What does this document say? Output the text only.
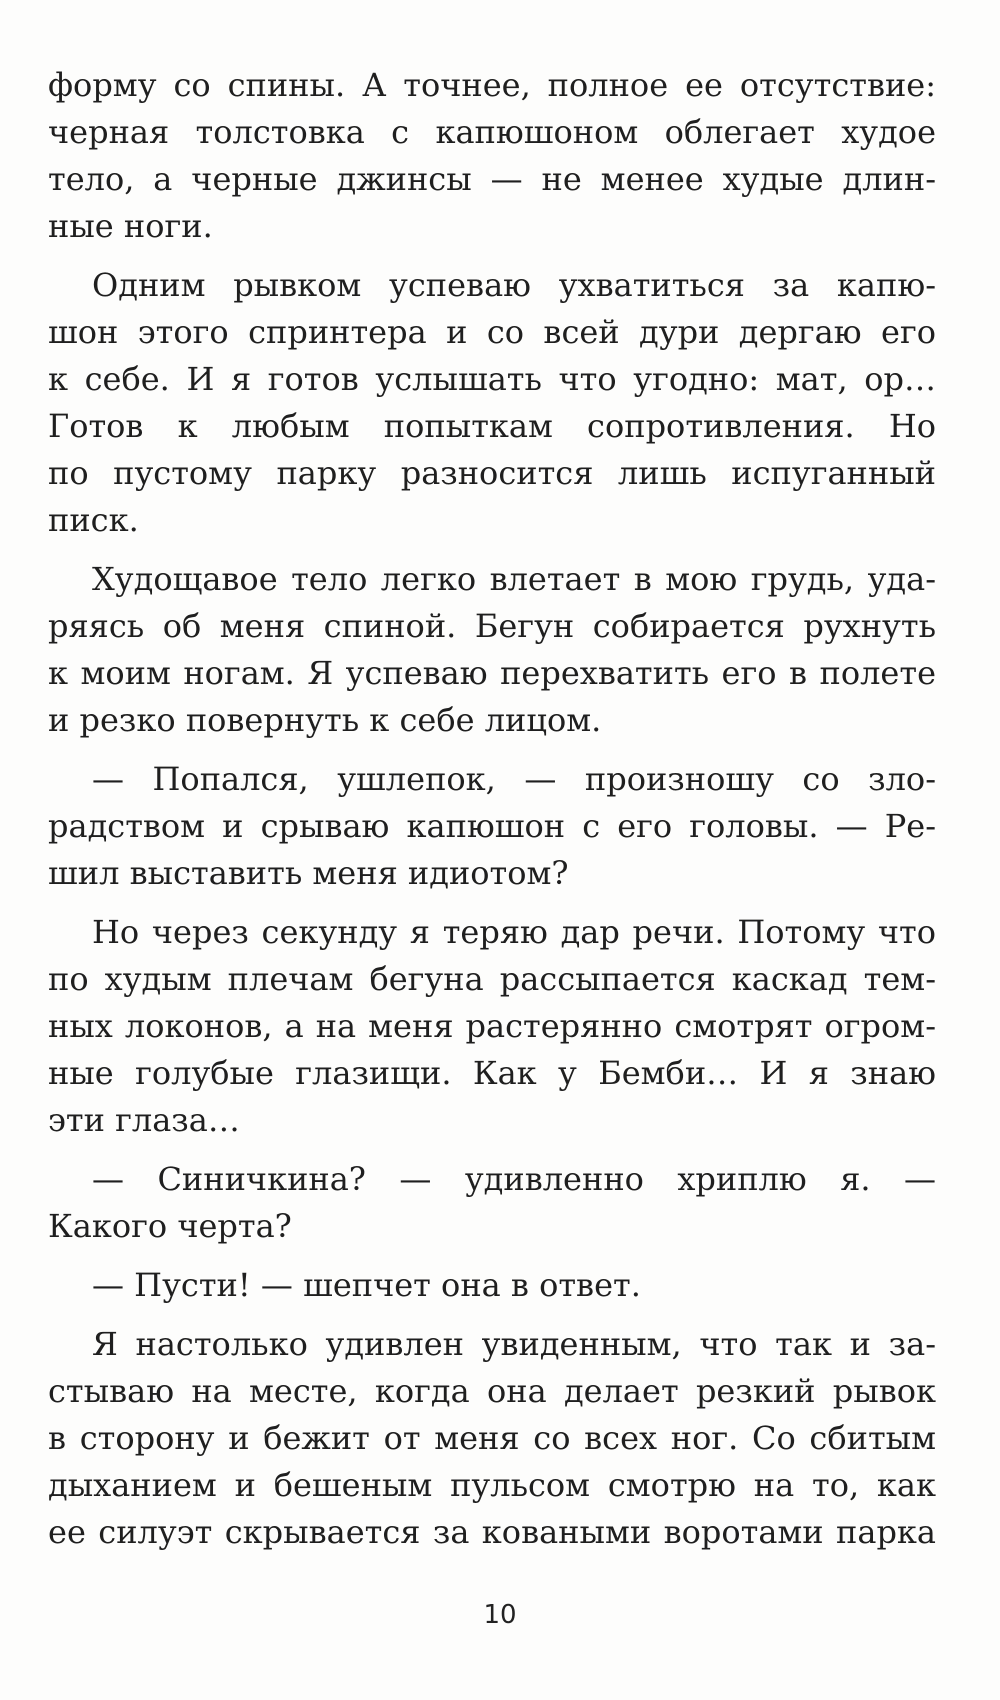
форму со спины. А точнее, полное ее отсутствие:
черная толстовка с капюшоном облегает худое
тело, а черные джинсы — не менее худые длин-
ные ноги.
Одним рывком успеваю ухватиться за капю-
шон этого спринтера и со всей дури дергаю его
к себе. И я готов услышать что угодно: мат, ор…
Готов к любым попыткам сопротивления. Но
по пустому парку разносится лишь испуганный
писк.
Худощавое тело легко влетает в мою грудь, уда-
ряясь об меня спиной. Бегун собирается рухнуть
к моим ногам. Я успеваю перехватить его в полете
и резко повернуть к себе лицом.
— Попался, ушлепок, — произношу со зло-
радством и срываю капюшон с его головы. — Ре-
шил выставить меня идиотом?
Но через секунду я теряю дар речи. Потому что
по худым плечам бегуна рассыпается каскад тем-
ных локонов, а на меня растерянно смотрят огром-
ные голубые глазищи. Как у Бемби… И я знаю
эти глаза…
— Синичкина? — удивленно хриплю я. —
Какого черта?
— Пусти! — шепчет она в ответ.
Я настолько удивлен увиденным, что так и за-
стываю на месте, когда она делает резкий рывок
в сторону и бежит от меня со всех ног. Со сбитым
дыханием и бешеным пульсом смотрю на то, как
ее силуэт скрывается за коваными воротами парка
10
